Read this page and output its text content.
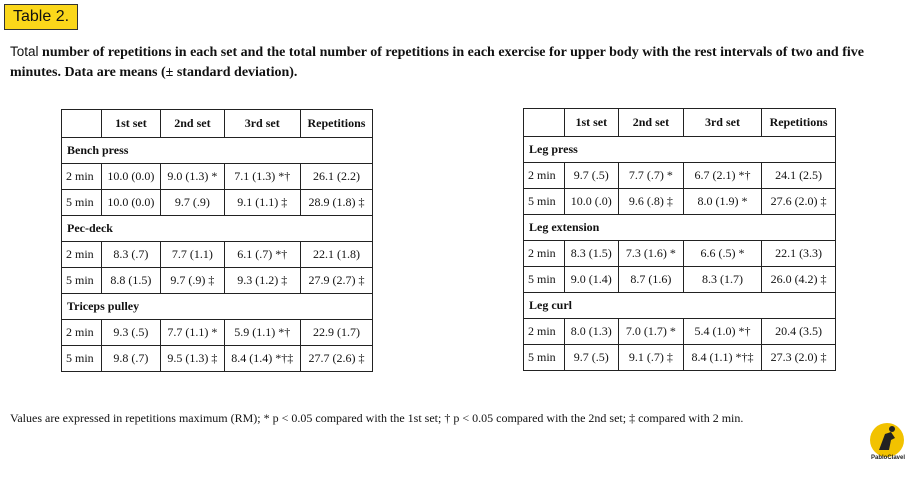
Table 2.
Total number of repetitions in each set and the total number of repetitions in each exercise for upper body with the rest intervals of two and five minutes. Data are means (± standard deviation).
	1st set	2nd set	3rd set	Repetitions
Bench press				
2 min	10.0 (0.0)	9.0 (1.3) *	7.1 (1.3) *†	26.1 (2.2)
5 min	10.0 (0.0)	9.7 (.9)	9.1 (1.1) ‡	28.9 (1.8) ‡
Pec-deck				
2 min	8.3 (.7)	7.7 (1.1)	6.1 (.7) *†	22.1 (1.8)
5 min	8.8 (1.5)	9.7 (.9) ‡	9.3 (1.2) ‡	27.9 (2.7) ‡
Triceps pulley				
2 min	9.3 (.5)	7.7 (1.1) *	5.9 (1.1) *†	22.9 (1.7)
5 min	9.8 (.7)	9.5 (1.3) ‡	8.4 (1.4) *†‡	27.7 (2.6) ‡
	1st set	2nd set	3rd set	Repetitions
Leg press				
2 min	9.7 (.5)	7.7 (.7) *	6.7 (2.1) *†	24.1 (2.5)
5 min	10.0 (.0)	9.6 (.8) ‡	8.0 (1.9) *	27.6 (2.0) ‡
Leg extension				
2 min	8.3 (1.5)	7.3 (1.6) *	6.6 (.5) *	22.1 (3.3)
5 min	9.0 (1.4)	8.7 (1.6)	8.3 (1.7)	26.0 (4.2) ‡
Leg curl				
2 min	8.0 (1.3)	7.0 (1.7) *	5.4 (1.0) *†	20.4 (3.5)
5 min	9.7 (.5)	9.1 (.7) ‡	8.4 (1.1) *†‡	27.3 (2.0) ‡
Values are expressed in repetitions maximum (RM); * p < 0.05 compared with the 1st set; † p < 0.05 compared with the 2nd set; ‡ compared with 2 min.
PabloClavel
